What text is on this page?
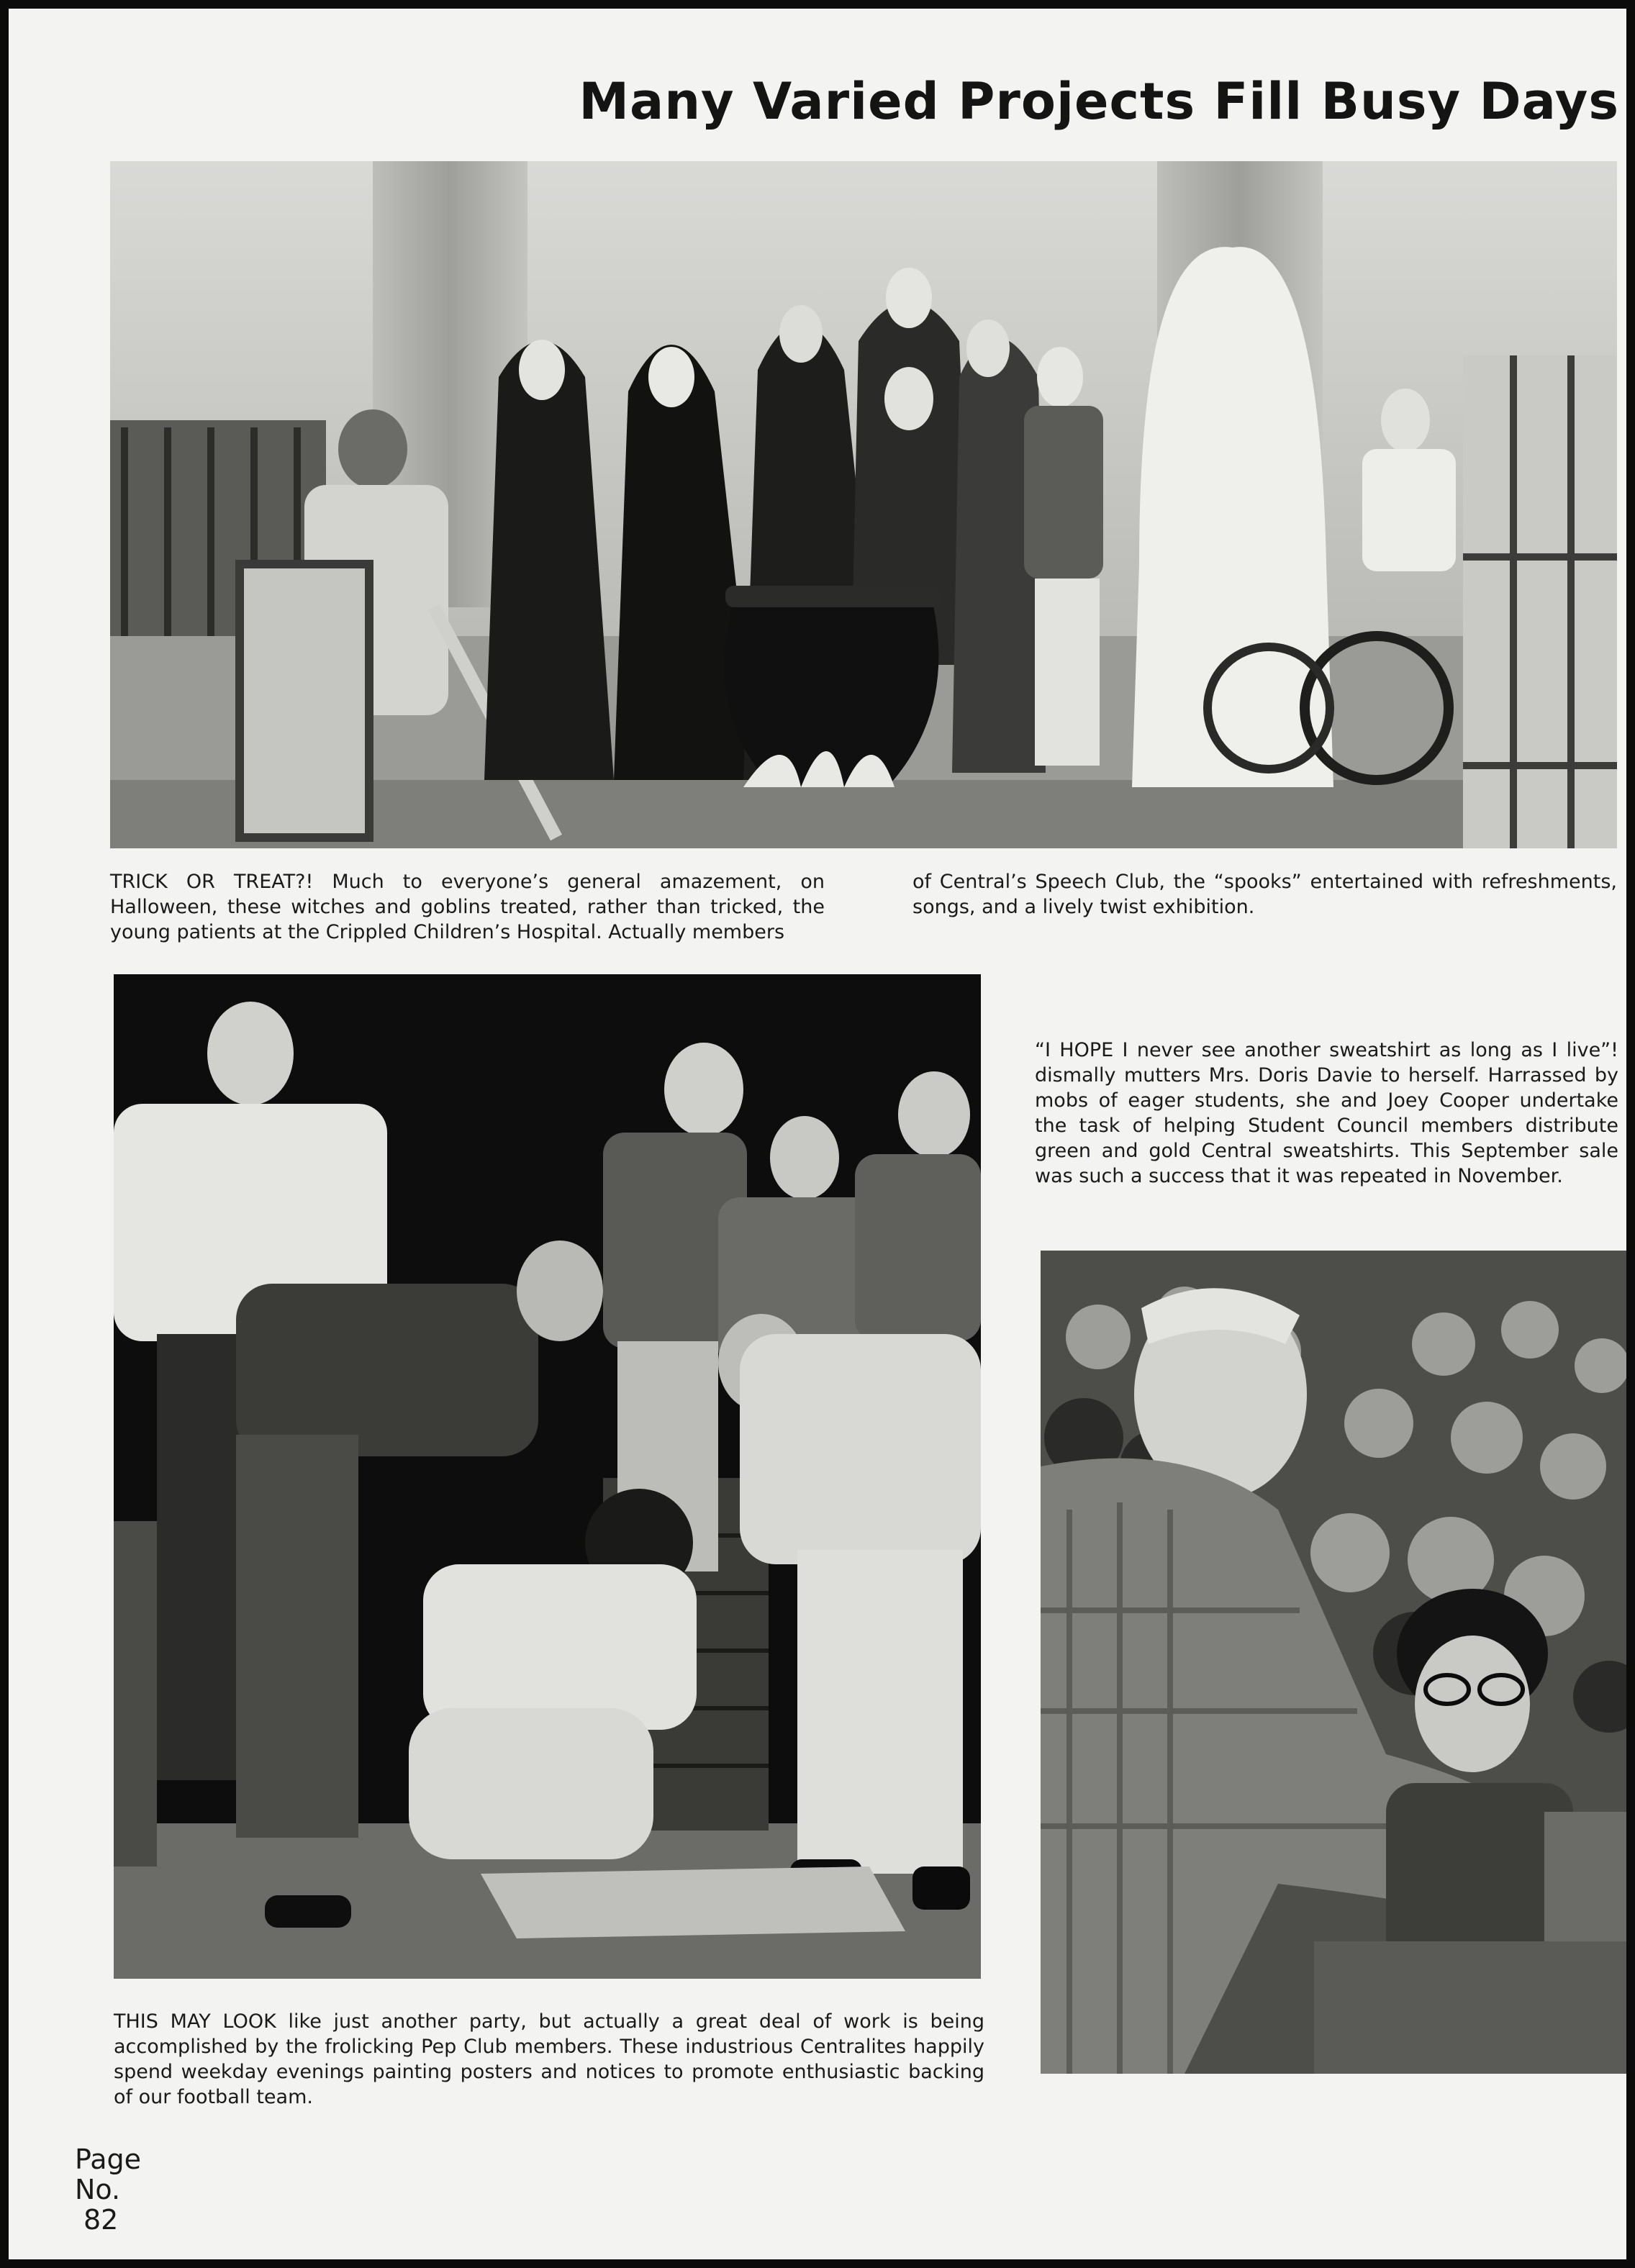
Many Varied Projects Fill Busy Days
TRICK OR TREAT?! Much to everyone’s general amazement, on Halloween, these witches and goblins treated, rather than tricked, the young patients at the Crippled Children’s Hospital. Actually members
of Central’s Speech Club, the “spooks” entertained with refreshments, songs, and a lively twist exhibition.
THIS MAY LOOK like just another party, but actually a great deal of work is being accomplished by the frolicking Pep Club members. These industrious Centralites happily spend weekday evenings painting posters and notices to promote enthusiastic backing of our football team.
“I HOPE I never see another sweatshirt as long as I live”! dismally mutters Mrs. Doris Davie to herself. Harrassed by mobs of eager students, she and Joey Cooper undertake the task of helping Student Council members distribute green and gold Central sweatshirts. This September sale was such a success that it was repeated in November.
Page
No.
82
